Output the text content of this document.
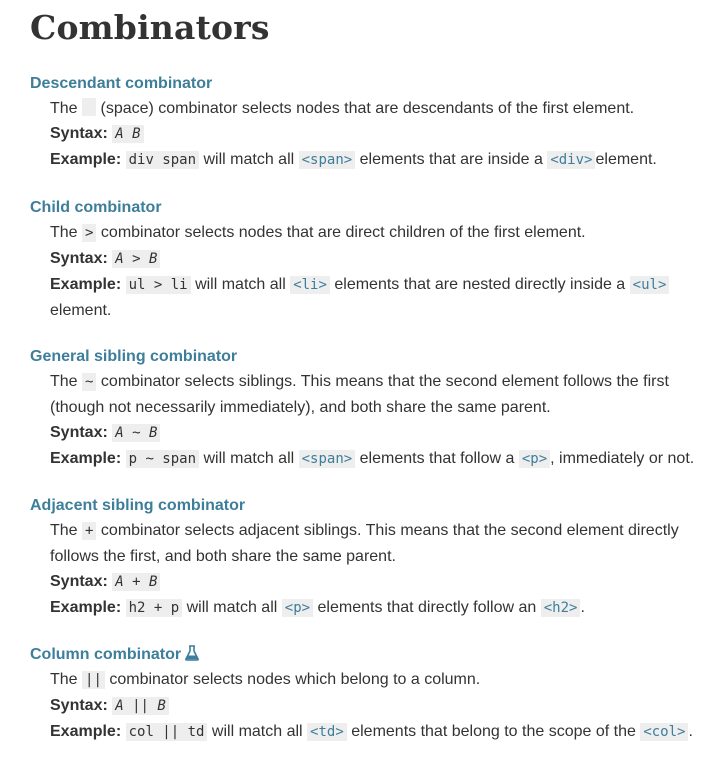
Combinators
Descendant combinator
The (space) combinator selects nodes that are descendants of the first element.
Syntax: A B
Example: div span will match all <span> elements that are inside a <div> element.
Child combinator
The > combinator selects nodes that are direct children of the first element.
Syntax: A > B
Example: ul > li will match all <li> elements that are nested directly inside a <ul>
element.
General sibling combinator
The ~ combinator selects siblings. This means that the second element follows the first
(though not necessarily immediately), and both share the same parent.
Syntax: A ~ B
Example: p ~ span will match all <span> elements that follow a <p> , immediately or not.
Adjacent sibling combinator
The + combinator selects adjacent siblings. This means that the second element directly
follows the first, and both share the same parent.
Syntax: A + B
Example: h2 + p will match all <p> elements that directly follow an <h2> .
Column combinator
The || combinator selects nodes which belong to a column.
Syntax: A || B
Example: col || td will match all <td> elements that belong to the scope of the <col> .
